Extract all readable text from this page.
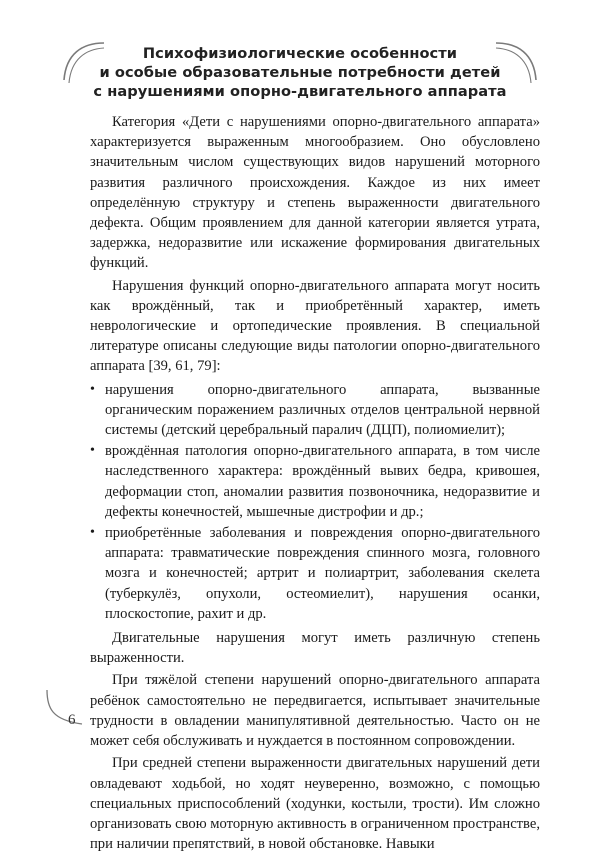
Психофизиологические особенности
и особые образовательные потребности детей
с нарушениями опорно-двигательного аппарата

Категория «Дети с нарушениями опорно-двигательного аппарата» характеризуется выраженным многообразием. Оно обусловлено значительным числом существующих видов нарушений моторного развития различного происхождения. Каждое из них имеет определённую структуру и степень выраженности двигательного дефекта. Общим проявлением для данной категории является утрата, задержка, недоразвитие или искажение формирования двигательных функций.

Нарушения функций опорно-двигательного аппарата могут носить как врождённый, так и приобретённый характер, иметь неврологические и ортопедические проявления. В специальной литературе описаны следующие виды патологии опорно-двигательного аппарата [39, 61, 79]:

• нарушения опорно-двигательного аппарата, вызванные органическим поражением различных отделов центральной нервной системы (детский церебральный паралич (ДЦП), полиомиелит);
• врождённая патология опорно-двигательного аппарата, в том числе наследственного характера: врождённый вывих бедра, кривошея, деформации стоп, аномалии развития позвоночника, недоразвитие и дефекты конечностей, мышечные дистрофии и др.;
• приобретённые заболевания и повреждения опорно-двигательного аппарата: травматические повреждения спинного мозга, головного мозга и конечностей; артрит и полиартрит, заболевания скелета (туберкулёз, опухоли, остеомиелит), нарушения осанки, плоскостопие, рахит и др.

Двигательные нарушения могут иметь различную степень выраженности.

При тяжёлой степени нарушений опорно-двигательного аппарата ребёнок самостоятельно не передвигается, испытывает значительные трудности в овладении манипулятивной деятельностью. Часто он не может себя обслуживать и нуждается в постоянном сопровождении.

При средней степени выраженности двигательных нарушений дети овладевают ходьбой, но ходят неуверенно, возможно, с помощью специальных приспособлений (ходунки, костыли, трости). Им сложно организовать свою моторную активность в ограниченном пространстве, при наличии препятствий, в новой обстановке. Навыки

6
